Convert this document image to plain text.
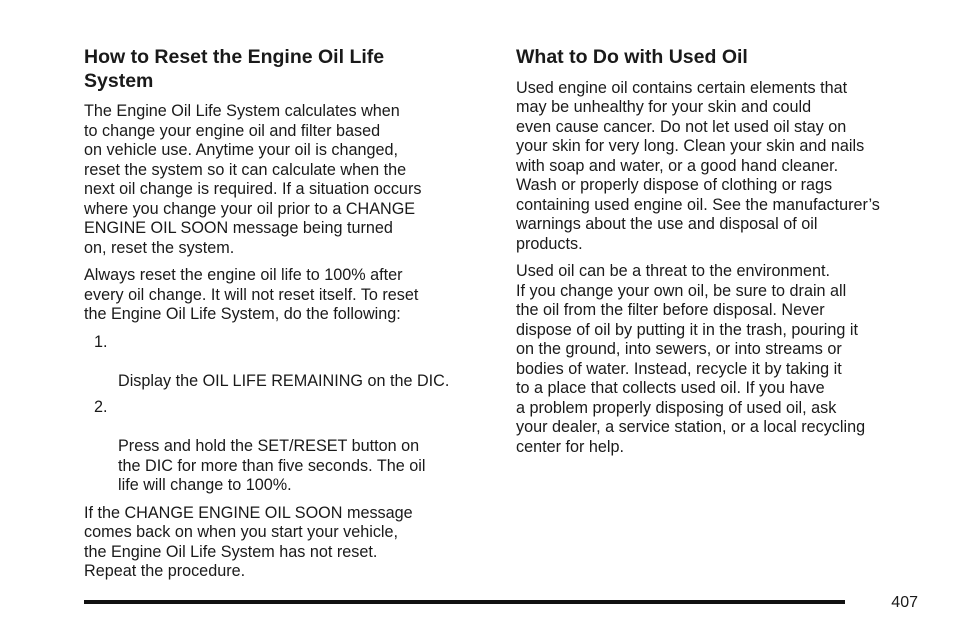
How to Reset the Engine Oil Life
System

The Engine Oil Life System calculates when
to change your engine oil and filter based
on vehicle use. Anytime your oil is changed,
reset the system so it can calculate when the
next oil change is required. If a situation occurs
where you change your oil prior to a CHANGE
ENGINE OIL SOON message being turned
on, reset the system.

Always reset the engine oil life to 100% after
every oil change. It will not reset itself. To reset
the Engine Oil Life System, do the following:

1.

Display the OIL LIFE REMAINING on the DIC.

2.

Press and hold the SET/RESET button on
the DIC for more than five seconds. The oil
life will change to 100%.

If the CHANGE ENGINE OIL SOON message
comes back on when you start your vehicle,
the Engine Oil Life System has not reset.
Repeat the procedure.

What to Do with Used Oil

Used engine oil contains certain elements that
may be unhealthy for your skin and could
even cause cancer. Do not let used oil stay on
your skin for very long. Clean your skin and nails
with soap and water, or a good hand cleaner.
Wash or properly dispose of clothing or rags
containing used engine oil. See the manufacturer’s
warnings about the use and disposal of oil
products.

Used oil can be a threat to the environment.
If you change your own oil, be sure to drain all
the oil from the filter before disposal. Never
dispose of oil by putting it in the trash, pouring it
on the ground, into sewers, or into streams or
bodies of water. Instead, recycle it by taking it
to a place that collects used oil. If you have
a problem properly disposing of used oil, ask
your dealer, a service station, or a local recycling
center for help.

407
